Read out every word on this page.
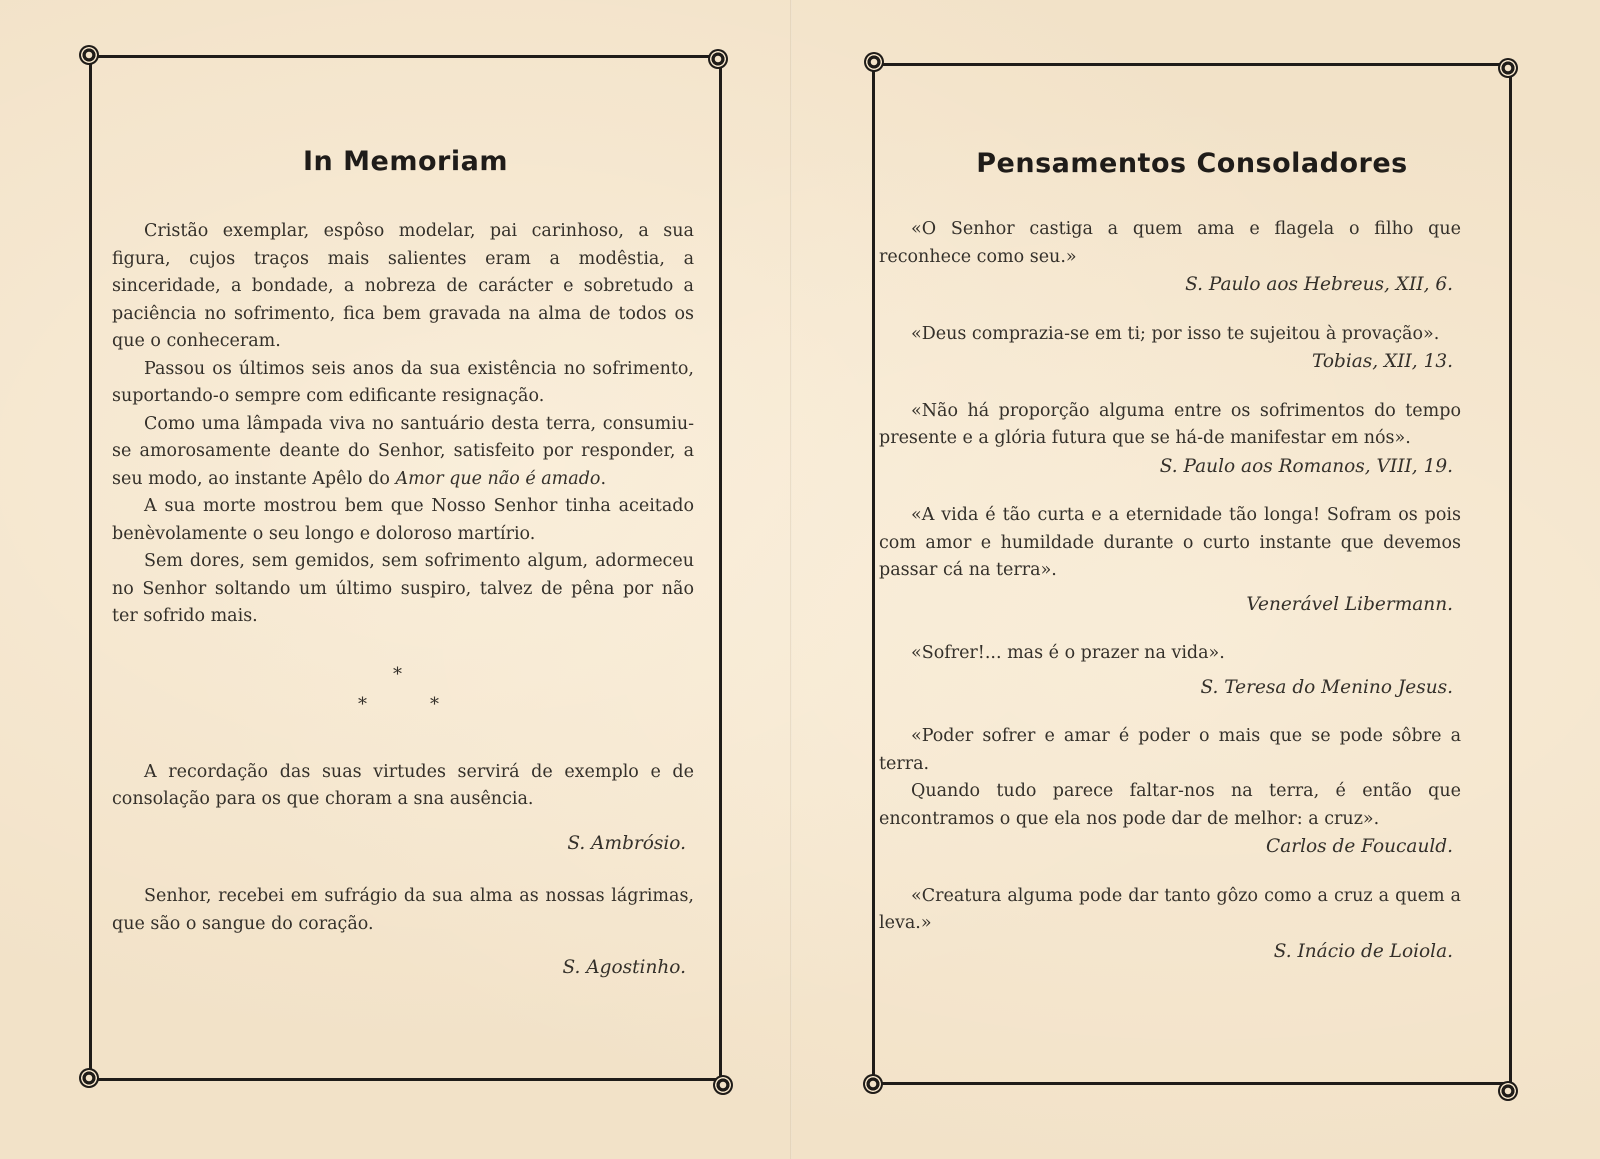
In Memoriam

Cristão exemplar, espôso modelar, pai carinhoso, a sua figura, cujos traços mais salientes eram a modêstia, a sinceridade, a bondade, a nobreza de carácter e sobretudo a paciência no sofrimento, fica bem gravada na alma de todos os que o conheceram.

Passou os últimos seis anos da sua existência no sofrimento, suportando-o sempre com edificante resignação.

Como uma lâmpada viva no santuário desta terra, consumiu-se amorosamente deante do Senhor, satisfeito por responder, a seu modo, ao instante Apêlo do Amor que não é amado.

A sua morte mostrou bem que Nosso Senhor tinha aceitado benèvolamente o seu longo e doloroso martírio.

Sem dores, sem gemidos, sem sofrimento algum, adormeceu no Senhor soltando um último suspiro, talvez de pêna por não ter sofrido mais.

*
*	*

A recordação das suas virtudes servirá de exemplo e de consolação para os que choram a sna ausência.

S. Ambrósio.

Senhor, recebei em sufrágio da sua alma as nossas lágrimas, que são o sangue do coração.

S. Agostinho.
Pensamentos Consoladores

«O Senhor castiga a quem ama e flagela o filho que reconhece como seu.»

S. Paulo aos Hebreus, XII, 6.

«Deus comprazia-se em ti; por isso te sujeitou à provação».

Tobias, XII, 13.

«Não há proporção alguma entre os sofrimentos do tempo presente e a glória futura que se há-de manifestar em nós».

S. Paulo aos Romanos, VIII, 19.

«A vida é tão curta e a eternidade tão longa! Sofram os pois com amor e humildade durante o curto instante que devemos passar cá na terra».

Venerável Libermann.

«Sofrer!... mas é o prazer na vida».

S. Teresa do Menino Jesus.

«Poder sofrer e amar é poder o mais que se pode sôbre a terra.

Quando tudo parece faltar-nos na terra, é então que encontramos o que ela nos pode dar de melhor: a cruz».

Carlos de Foucauld.

«Creatura alguma pode dar tanto gôzo como a cruz a quem a leva.»

S. Inácio de Loiola.
